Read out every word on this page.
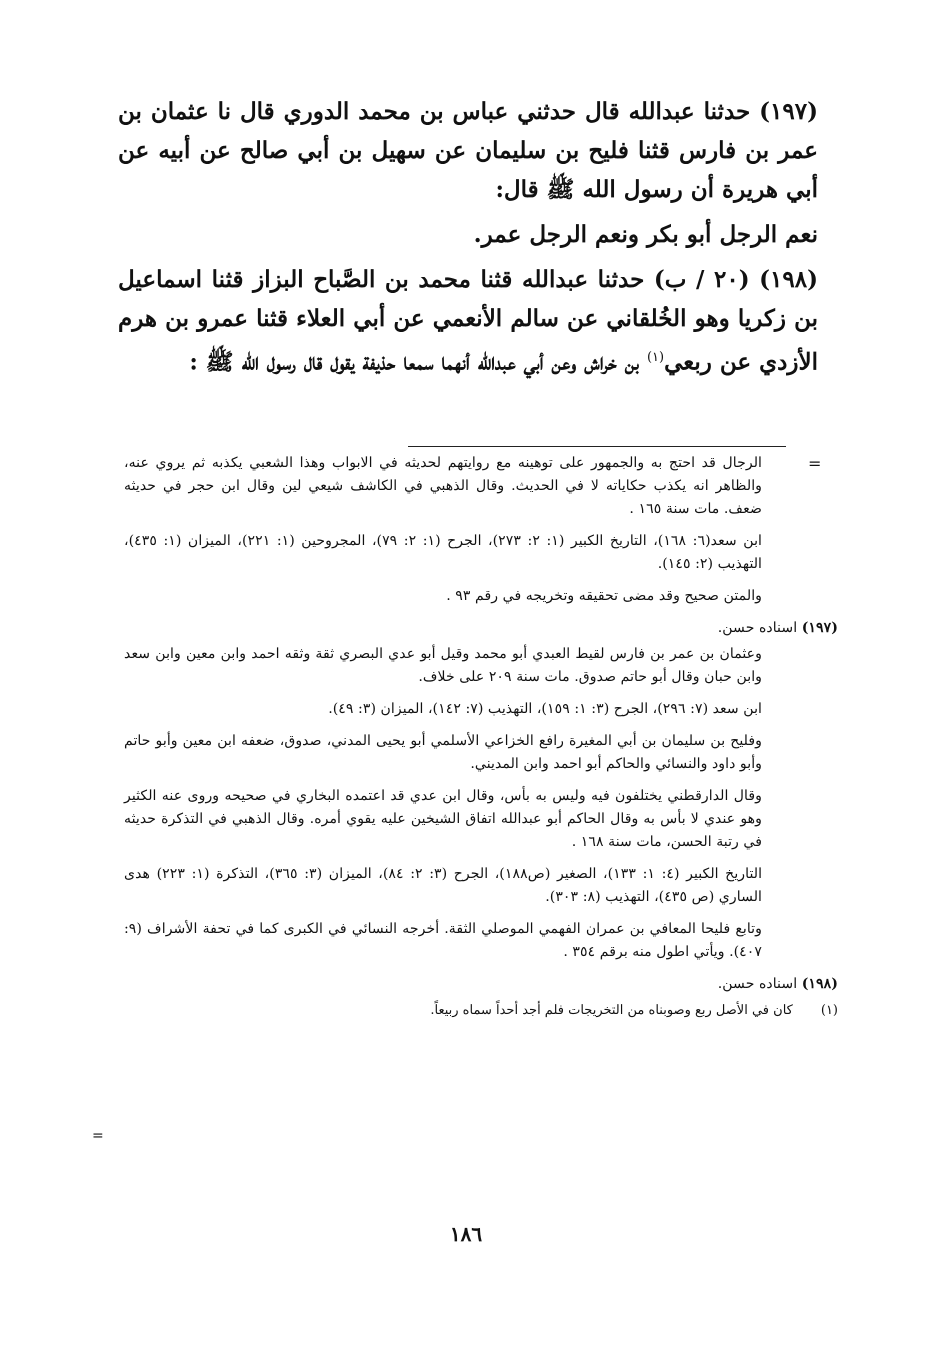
(١٩٧) حدثنا عبدالله قال حدثني عباس بن محمد الدوري قال نا عثمان بن عمر بن فارس قثنا فليح بن سليمان عن سهيل بن أبي صالح عن أبيه عن أبي هريرة أن رسول الله ﷺ قال:

نعم الرجل أبو بكر ونعم الرجل عمر.

(١٩٨) (٢٠ / ب) حدثنا عبدالله قثنا محمد بن الصَّباح البزاز قثنا اسماعيل بن زكريا وهو الخُلقاني عن سالم الأنعمي عن أبي العلاء قثنا عمرو بن هرم الأزدي عن ربعي$^{(١)}$ بن خراش وعن أبي عبدالله أنهما سمعا حذيفة يقول قال رسول الله ﷺ :

=
=

الرجال قد احتج به والجمهور على توهينه مع روايتهم لحديثه في الابواب وهذا الشعبي يكذبه ثم يروي عنه، والظاهر انه يكذب حكاياته لا في الحديث. وقال الذهبي في الكاشف شيعي لين وقال ابن حجر في حديثه ضعف. مات سنة ١٦٥ .

ابن سعد(٦: ١٦٨)، التاريخ الكبير (١: ٢: ٢٧٣)، الجرح (١: ٢: ٧٩)، المجروحين (١: ٢٢١)، الميزان (١: ٤٣٥)، التهذيب (٢: ١٤٥).

والمتن صحيح وقد مضى تحقيقه وتخريجه في رقم ٩٣ .

(١٩٧) اسناده حسن.

وعثمان بن عمر بن فارس لقيط العبدي أبو محمد وقيل أبو عدي البصري ثقة وثقه احمد وابن معين وابن سعد وابن حبان وقال أبو حاتم صدوق. مات سنة ٢٠٩ على خلاف.

ابن سعد (٧: ٢٩٦)، الجرح (٣: ١: ١٥٩)، التهذيب (٧: ١٤٢)، الميزان (٣: ٤٩).

وفليح بن سليمان بن أبي المغيرة رافع الخزاعي الأسلمي أبو يحيى المدني، صدوق، ضعفه ابن معين وأبو حاتم وأبو داود والنسائي والحاكم أبو احمد وابن المديني.

وقال الدارقطني يختلفون فيه وليس به بأس، وقال ابن عدي قد اعتمده البخاري في صحيحه وروى عنه الكثير وهو عندي لا بأس به وقال الحاكم أبو عبدالله اتفاق الشيخين عليه يقوي أمره. وقال الذهبي في التذكرة حديثه في رتبة الحسن، مات سنة ١٦٨ .

التاريخ الكبير (٤: ١: ١٣٣)، الصغير (ص١٨٨)، الجرح (٣: ٢: ٨٤)، الميزان (٣: ٣٦٥)، التذكرة (١: ٢٢٣) هدى الساري (ص ٤٣٥)، التهذيب (٨: ٣٠٣).

وتابع فليحا المعافي بن عمران الفهمي الموصلي الثقة. أخرجه النسائي في الكبرى كما في تحفة الأشراف (٩: ٤٠٧). ويأتي اطول منه برقم ٣٥٤ .

(١٩٨) اسناده حسن.

(١)
كان في الأصل ربع وصوبناه من التخريجات فلم أجد أحداً سماه ربيعاً.

١٨٦
